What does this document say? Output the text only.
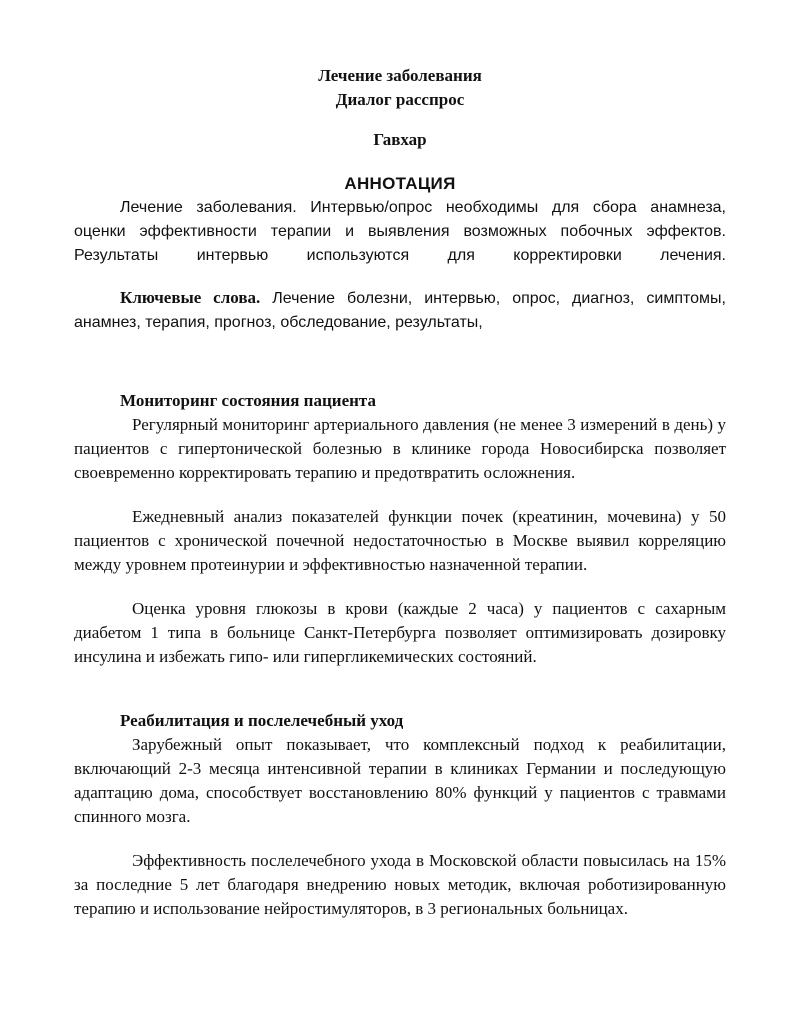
Лечение заболевания

Диалог расспрос

Гавхар

АННОТАЦИЯ

Лечение заболевания. Интервью/опрос необходимы для сбора анамнеза, оценки эффективности терапии и выявления возможных побочных эффектов. Результаты интервью используются для корректировки лечения.

Ключевые слова. Лечение болезни, интервью, опрос, диагноз, симптомы, анамнез, терапия, прогноз, обследование, результаты,

Мониторинг состояния пациента

Регулярный мониторинг артериального давления (не менее 3 измерений в день) у пациентов с гипертонической болезнью в клинике города Новосибирска позволяет своевременно корректировать терапию и предотвратить осложнения.

Ежедневный анализ показателей функции почек (креатинин, мочевина) у 50 пациентов с хронической почечной недостаточностью в Москве выявил корреляцию между уровнем протеинурии и эффективностью назначенной терапии.

Оценка уровня глюкозы в крови (каждые 2 часа) у пациентов с сахарным диабетом 1 типа в больнице Санкт-Петербурга позволяет оптимизировать дозировку инсулина и избежать гипо- или гипергликемических состояний.

Реабилитация и послелечебный уход

Зарубежный опыт показывает, что комплексный подход к реабилитации, включающий 2-3 месяца интенсивной терапии в клиниках Германии и последующую адаптацию дома, способствует восстановлению 80% функций у пациентов с травмами спинного мозга.

Эффективность послелечебного ухода в Московской области повысилась на 15% за последние 5 лет благодаря внедрению новых методик, включая роботизированную терапию и использование нейростимуляторов, в 3 региональных больницах.
